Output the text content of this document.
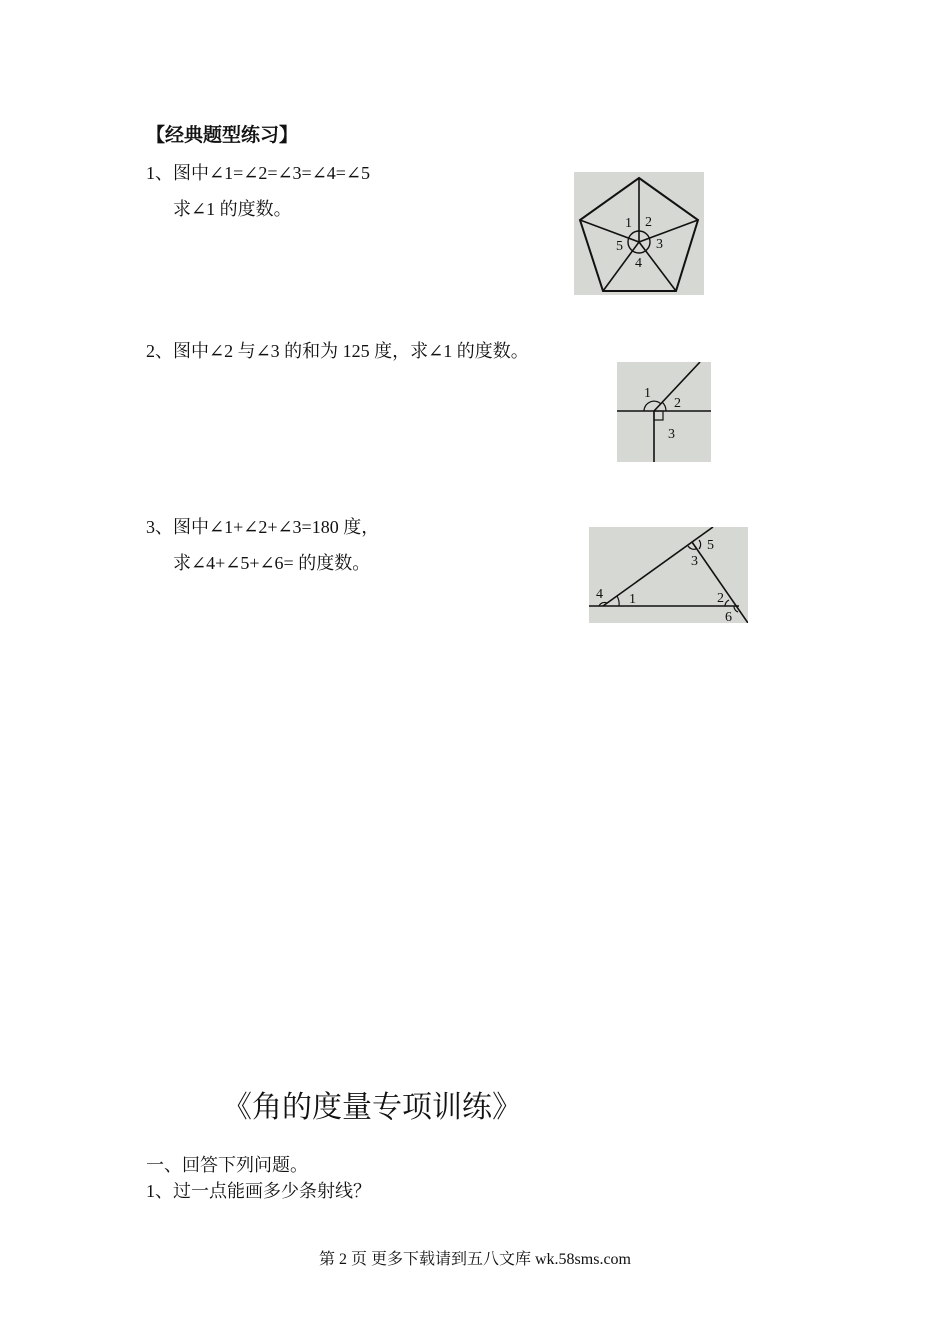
【经典题型练习】
1、图中∠1=∠2=∠3=∠4=∠5
求∠1 的度数。
1 2
3
4
5
2、图中∠2 与∠3 的和为 125 度，求∠1 的度数。
1
2
3
3、图中∠1+∠2+∠3=180 度，
求∠4+∠5+∠6= 的度数。
1	2
3
4
5
6
《角的度量专项训练》
一、回答下列问题。
1、过一点能画多少条射线？
第 2 页 更多下载请到五八文库 wk.58sms.com
